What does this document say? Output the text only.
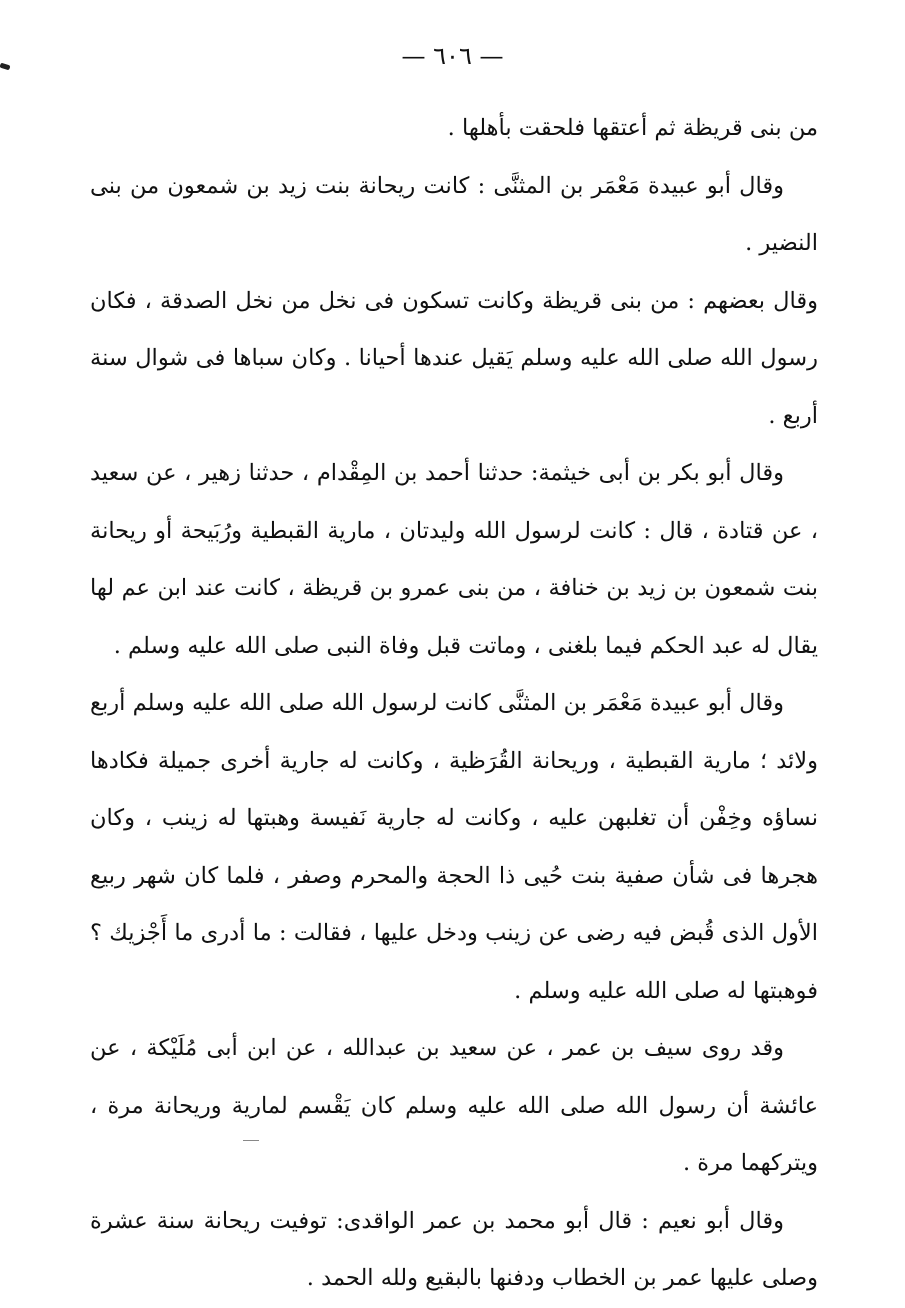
— ٦٠٦ —

من بنى قريظة ثم أعتقها فلحقت بأهلها .

وقال أبو عبيدة مَعْمَر بن المثنَّى : كانت ريحانة بنت زيد بن شمعون من بنى النضير .

وقال بعضهم : من بنى قريظة وكانت تسكون فى نخل من نخل الصدقة ، فكان رسول الله صلى الله عليه وسلم يَقيل عندها أحيانا . وكان سباها فى شوال سنة أربع .

وقال أبو بكر بن أبى خيثمة: حدثنا أحمد بن المِقْدام ، حدثنا زهير ، عن سعيد ، عن قتادة ، قال : كانت لرسول الله وليدتان ، مارية القبطية ورُبَيحة أو ريحانة بنت شمعون بن زيد بن خنافة ، من بنى عمرو بن قريظة ، كانت عند ابن عم لها يقال له عبد الحكم فيما بلغنى ، وماتت قبل وفاة النبى صلى الله عليه وسلم .

وقال أبو عبيدة مَعْمَر بن المثنَّى كانت لرسول الله صلى الله عليه وسلم أربع ولائد ؛ مارية القبطية ، وريحانة القُرَظية ، وكانت له جارية أخرى جميلة فكادها نساؤه وخِفْن أن تغلبهن عليه ، وكانت له جارية نَفيسة وهبتها له زينب ، وكان هجرها فى شأن صفية بنت حُيى ذا الحجة والمحرم وصفر ، فلما كان شهر ربيع الأول الذى قُبض فيه رضى عن زينب ودخل عليها ، فقالت : ما أدرى ما أَجْزيك ؟ فوهبتها له صلى الله عليه وسلم .

وقد روى سيف بن عمر ، عن سعيد بن عبدالله ، عن ابن أبى مُلَيْكة ، عن عائشة أن رسول الله صلى الله عليه وسلم كان يَقْسم لمارية وريحانة مرة ، ويتركهما مرة .

وقال أبو نعيم : قال أبو محمد بن عمر الواقدى: توفيت ريحانة سنة عشرة وصلى عليها عمر بن الخطاب ودفنها بالبقيع ولله الحمد .
